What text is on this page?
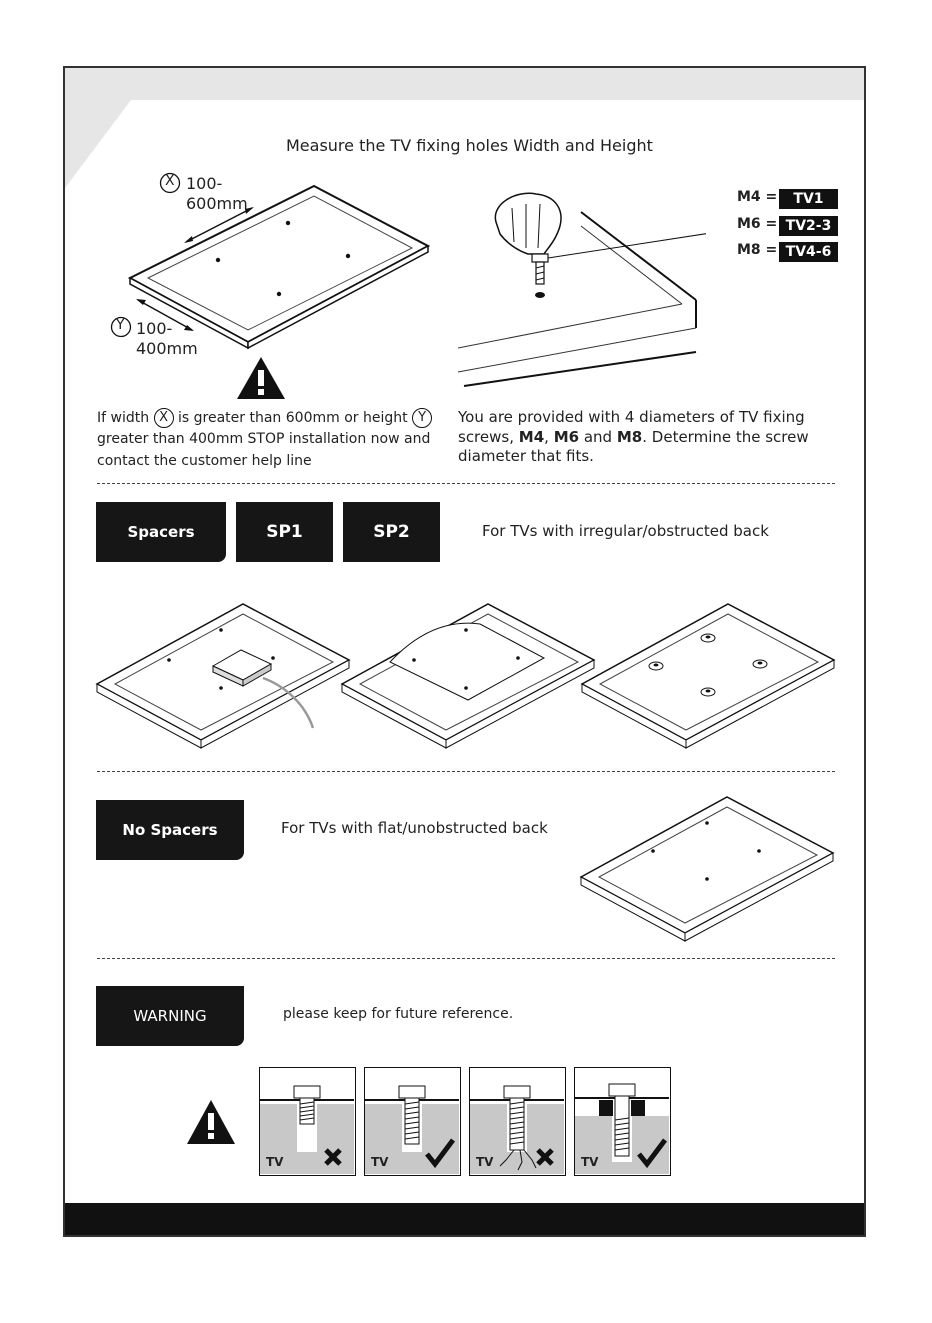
Measure the TV fixing holes Width and Height
X 100-
600mm
Y 100-
400mm
If width X is greater than 600mm or height Y
greater than 400mm STOP installation now and
contact the customer help line
M4 =	TV1
M6 = TV2-3
M8 = TV4-6
You are provided with 4 diameters of TV fixing
screws, M4, M6 and M8. Determine the screw
diameter that fits.
Spacers	SP1	SP2	For TVs with irregular/obstructed back
No Spacers	For TVs with flat/unobstructed back
WARNING	please keep for future reference.
TV	TV	TV	TV
